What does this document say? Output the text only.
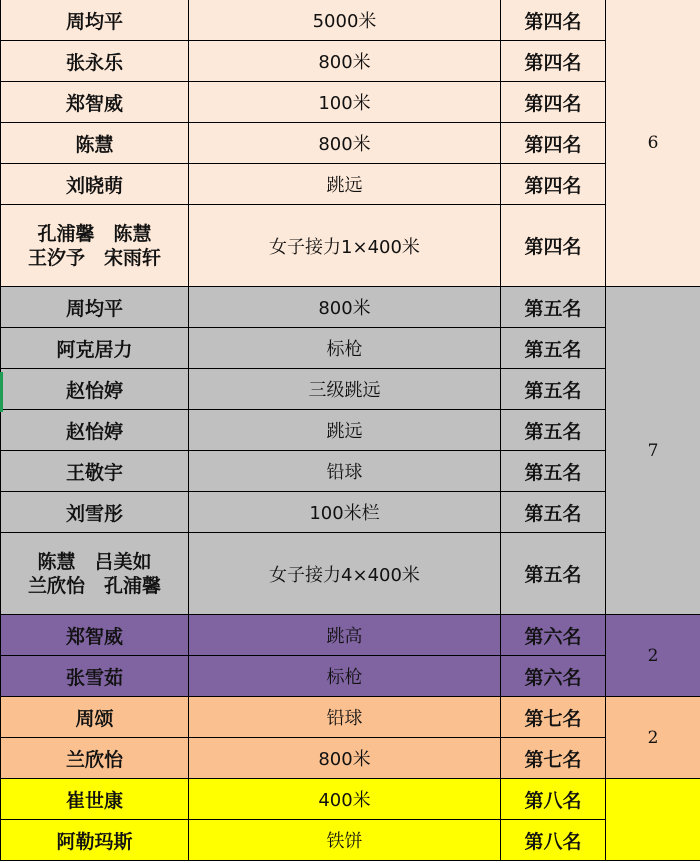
周均平	5000米	第四名	6
张永乐	800米	第四名	
郑智威	100米	第四名	
陈慧	800米	第四名	
刘晓萌	跳远	第四名	

孔浦馨　陈慧
王汐予　宋雨轩	女子接力1×400米	第四名	
周均平	800米	第五名	7
阿克居力	标枪	第五名	
赵怡婷	三级跳远	第五名	
赵怡婷	跳远	第五名	
王敬宇	铅球	第五名	
刘雪彤	100米栏	第五名	

陈慧　吕美如
兰欣怡　孔浦馨	女子接力4×400米	第五名	
郑智威	跳高	第六名	2
张雪茹	标枪	第六名	
周颂	铅球	第七名	2
兰欣怡	800米	第七名	
崔世康	400米	第八名	
阿勒玛斯	铁饼	第八名	
